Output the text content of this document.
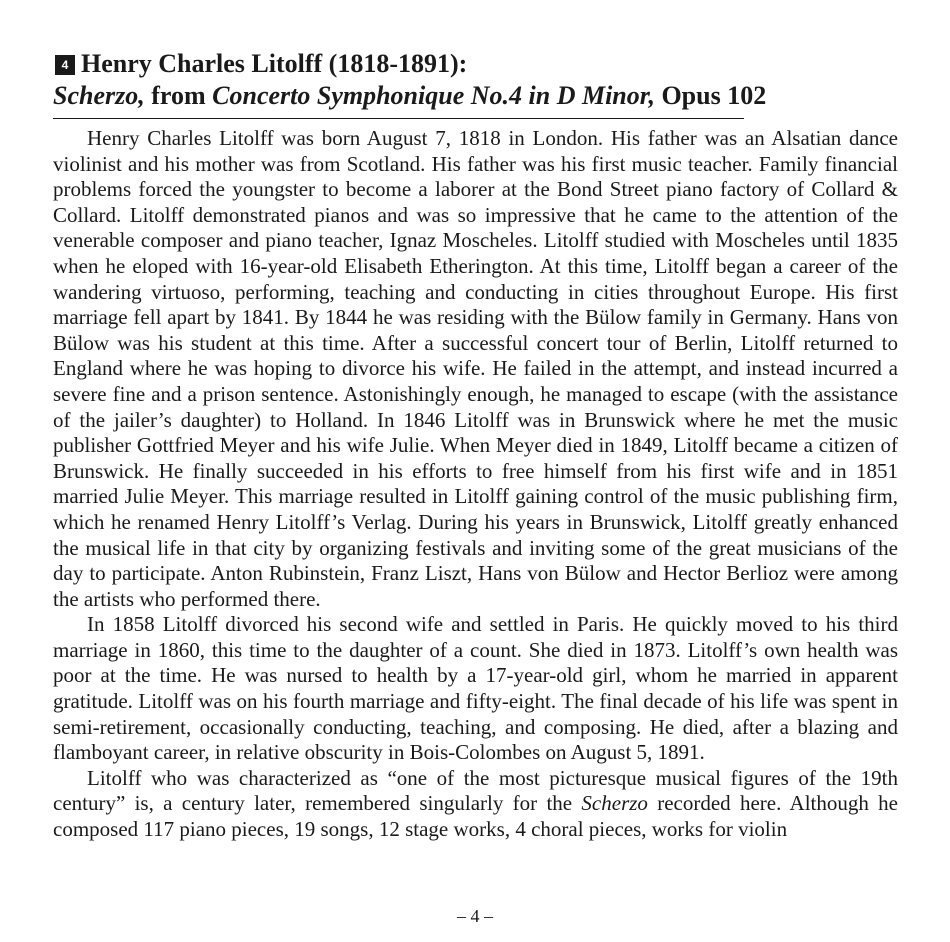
4 Henry Charles Litolff (1818-1891):
Scherzo, from Concerto Symphonique No.4 in D Minor, Opus 102

Henry Charles Litolff was born August 7, 1818 in London. His father was an Alsatian dance violinist and his mother was from Scotland. His father was his first music teacher. Family financial problems forced the youngster to become a laborer at the Bond Street piano factory of Collard & Collard. Litolff demonstrated pianos and was so impressive that he came to the attention of the venerable composer and piano teacher, Ignaz Moscheles. Litolff studied with Moscheles until 1835 when he eloped with 16-year-old Elisabeth Etherington. At this time, Litolff began a career of the wandering virtuoso, performing, teaching and conducting in cities throughout Europe. His first marriage fell apart by 1841. By 1844 he was residing with the Bülow family in Germany. Hans von Bülow was his student at this time. After a successful concert tour of Berlin, Litolff returned to England where he was hoping to divorce his wife. He failed in the attempt, and instead incurred a severe fine and a prison sentence. Astonishingly enough, he managed to escape (with the assistance of the jailer’s daughter) to Holland. In 1846 Litolff was in Brunswick where he met the music publisher Gottfried Meyer and his wife Julie. When Meyer died in 1849, Litolff became a citizen of Brunswick. He finally succeeded in his efforts to free himself from his first wife and in 1851 married Julie Meyer. This marriage resulted in Litolff gaining control of the music publishing firm, which he renamed Henry Litolff’s Verlag. During his years in Brunswick, Litolff greatly enhanced the musical life in that city by organizing festivals and inviting some of the great musicians of the day to participate. Anton Rubinstein, Franz Liszt, Hans von Bülow and Hector Berlioz were among the artists who performed there.

In 1858 Litolff divorced his second wife and settled in Paris. He quickly moved to his third marriage in 1860, this time to the daughter of a count. She died in 1873. Litolff’s own health was poor at the time. He was nursed to health by a 17-year-old girl, whom he married in apparent gratitude. Litolff was on his fourth marriage and fifty-eight. The final decade of his life was spent in semi-retirement, occasionally conducting, teaching, and composing. He died, after a blazing and flamboyant career, in relative obscurity in Bois-Colombes on August 5, 1891.

Litolff who was characterized as “one of the most picturesque musical figures of the 19th century” is, a century later, remembered singularly for the Scherzo recorded here. Although he composed 117 piano pieces, 19 songs, 12 stage works, 4 choral pieces, works for violin

– 4 –
